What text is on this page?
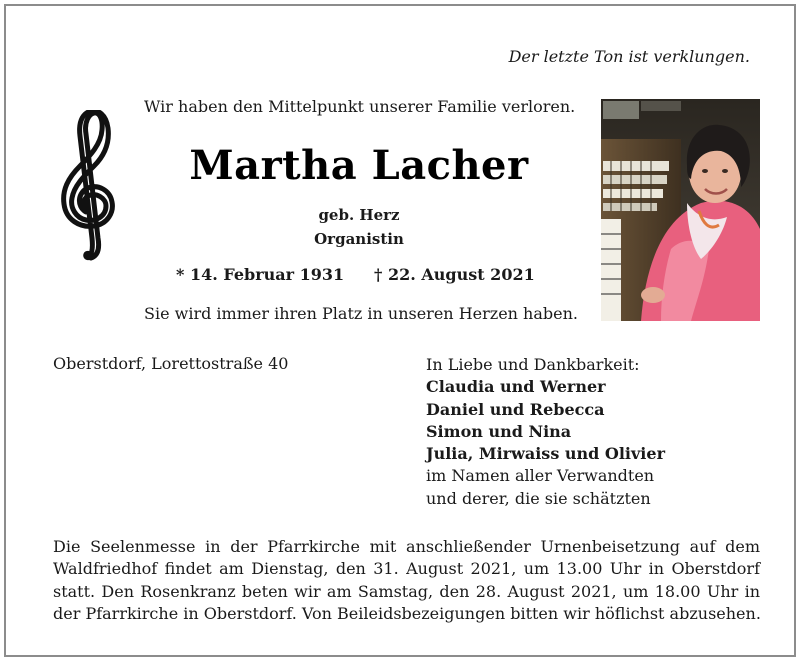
Der letzte Ton ist verklungen.
Wir haben den Mittelpunkt unserer Familie verloren.
Martha Lacher
geb. Herz
Organistin
* 14. Februar 1931 † 22. August 2021
Sie wird immer ihren Platz in unseren Herzen haben.
Oberstdorf, Lorettostraße 40	In Liebe und Dankbarkeit:
Claudia und Werner
Daniel und Rebecca
Simon und Nina
Julia, Mirwaiss und Olivier
im Namen aller Verwandten
und derer, die sie schätzten
Die Seelenmesse in der Pfarrkirche mit anschließender Urnenbeisetzung auf dem
Waldfriedhof findet am Dienstag, den 31. August 2021, um 13.00 Uhr in Oberstdorf
statt. Den Rosenkranz beten wir am Samstag, den 28. August 2021, um 18.00 Uhr in
der Pfarrkirche in Oberstdorf. Von Beileidsbezeigungen bitten wir höflichst abzusehen.
